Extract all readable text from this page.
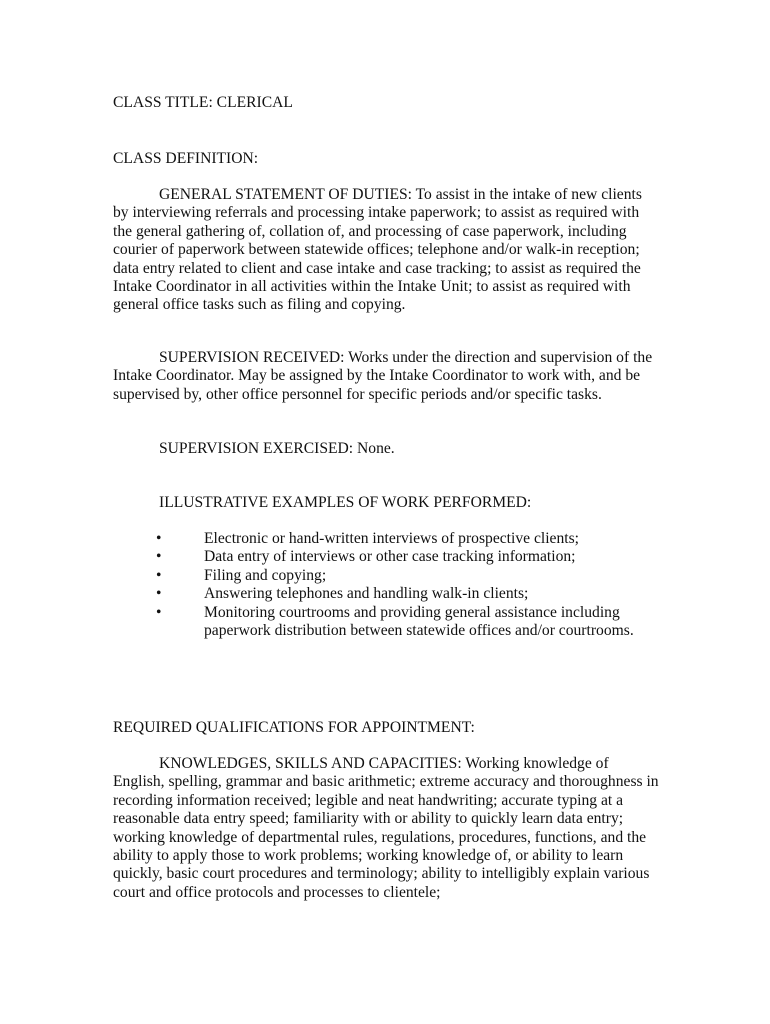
CLASS TITLE: CLERICAL
CLASS DEFINITION:

GENERAL STATEMENT OF DUTIES: To assist in the intake of new clients by interviewing referrals and processing intake paperwork; to assist as required with the general gathering of, collation of, and processing of case paperwork, including courier of paperwork between statewide offices; telephone and/or walk-in reception; data entry related to client and case intake and case tracking; to assist as required the Intake Coordinator in all activities within the Intake Unit; to assist as required with general office tasks such as filing and copying.

SUPERVISION RECEIVED: Works under the direction and supervision of the Intake Coordinator. May be assigned by the Intake Coordinator to work with, and be supervised by, other office personnel for specific periods and/or specific tasks.

SUPERVISION EXERCISED: None.

ILLUSTRATIVE EXAMPLES OF WORK PERFORMED:

•	Electronic or hand-written interviews of prospective clients;
•	Data entry of interviews or other case tracking information;
•	Filing and copying;
•	Answering telephones and handling walk-in clients;
•	Monitoring courtrooms and providing general assistance including paperwork distribution between statewide offices and/or courtrooms.
REQUIRED QUALIFICATIONS FOR APPOINTMENT:

KNOWLEDGES, SKILLS AND CAPACITIES: Working knowledge of English, spelling, grammar and basic arithmetic; extreme accuracy and thoroughness in recording information received; legible and neat handwriting; accurate typing at a reasonable data entry speed; familiarity with or ability to quickly learn data entry; working knowledge of departmental rules, regulations, procedures, functions, and the ability to apply those to work problems; working knowledge of, or ability to learn quickly, basic court procedures and terminology; ability to intelligibly explain various court and office protocols and processes to clientele;
